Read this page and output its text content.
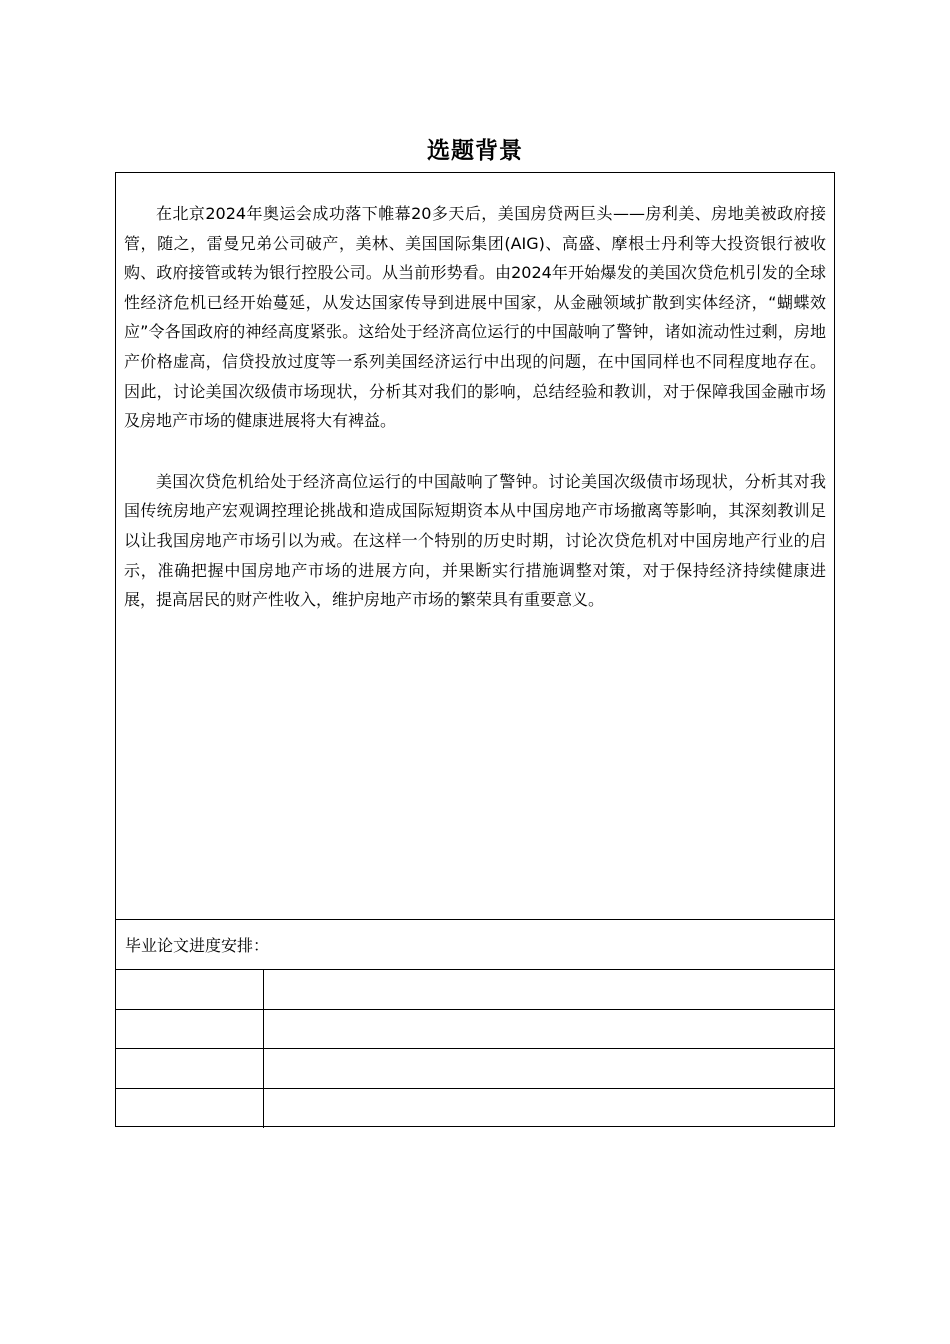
选题背景

在北京2024年奥运会成功落下帷幕20多天后，美国房贷两巨头——房利美、房地美被政府接管，随之，雷曼兄弟公司破产，美林、美国国际集团(AIG)、高盛、摩根士丹利等大投资银行被收购、政府接管或转为银行控股公司。从当前形势看。由2024年开始爆发的美国次贷危机引发的全球性经济危机已经开始蔓延，从发达国家传导到进展中国家，从金融领域扩散到实体经济，“蝴蝶效应”令各国政府的神经高度紧张。这给处于经济高位运行的中国敲响了警钟，诸如流动性过剩，房地产价格虚高，信贷投放过度等一系列美国经济运行中出现的问题，在中国同样也不同程度地存在。因此，讨论美国次级债市场现状，分析其对我们的影响，总结经验和教训，对于保障我国金融市场及房地产市场的健康进展将大有裨益。

美国次贷危机给处于经济高位运行的中国敲响了警钟。讨论美国次级债市场现状，分析其对我国传统房地产宏观调控理论挑战和造成国际短期资本从中国房地产市场撤离等影响，其深刻教训足以让我国房地产市场引以为戒。在这样一个特别的历史时期，讨论次贷危机对中国房地产行业的启示，准确把握中国房地产市场的进展方向，并果断实行措施调整对策，对于保持经济持续健康进展，提高居民的财产性收入，维护房地产市场的繁荣具有重要意义。

毕业论文进度安排：
